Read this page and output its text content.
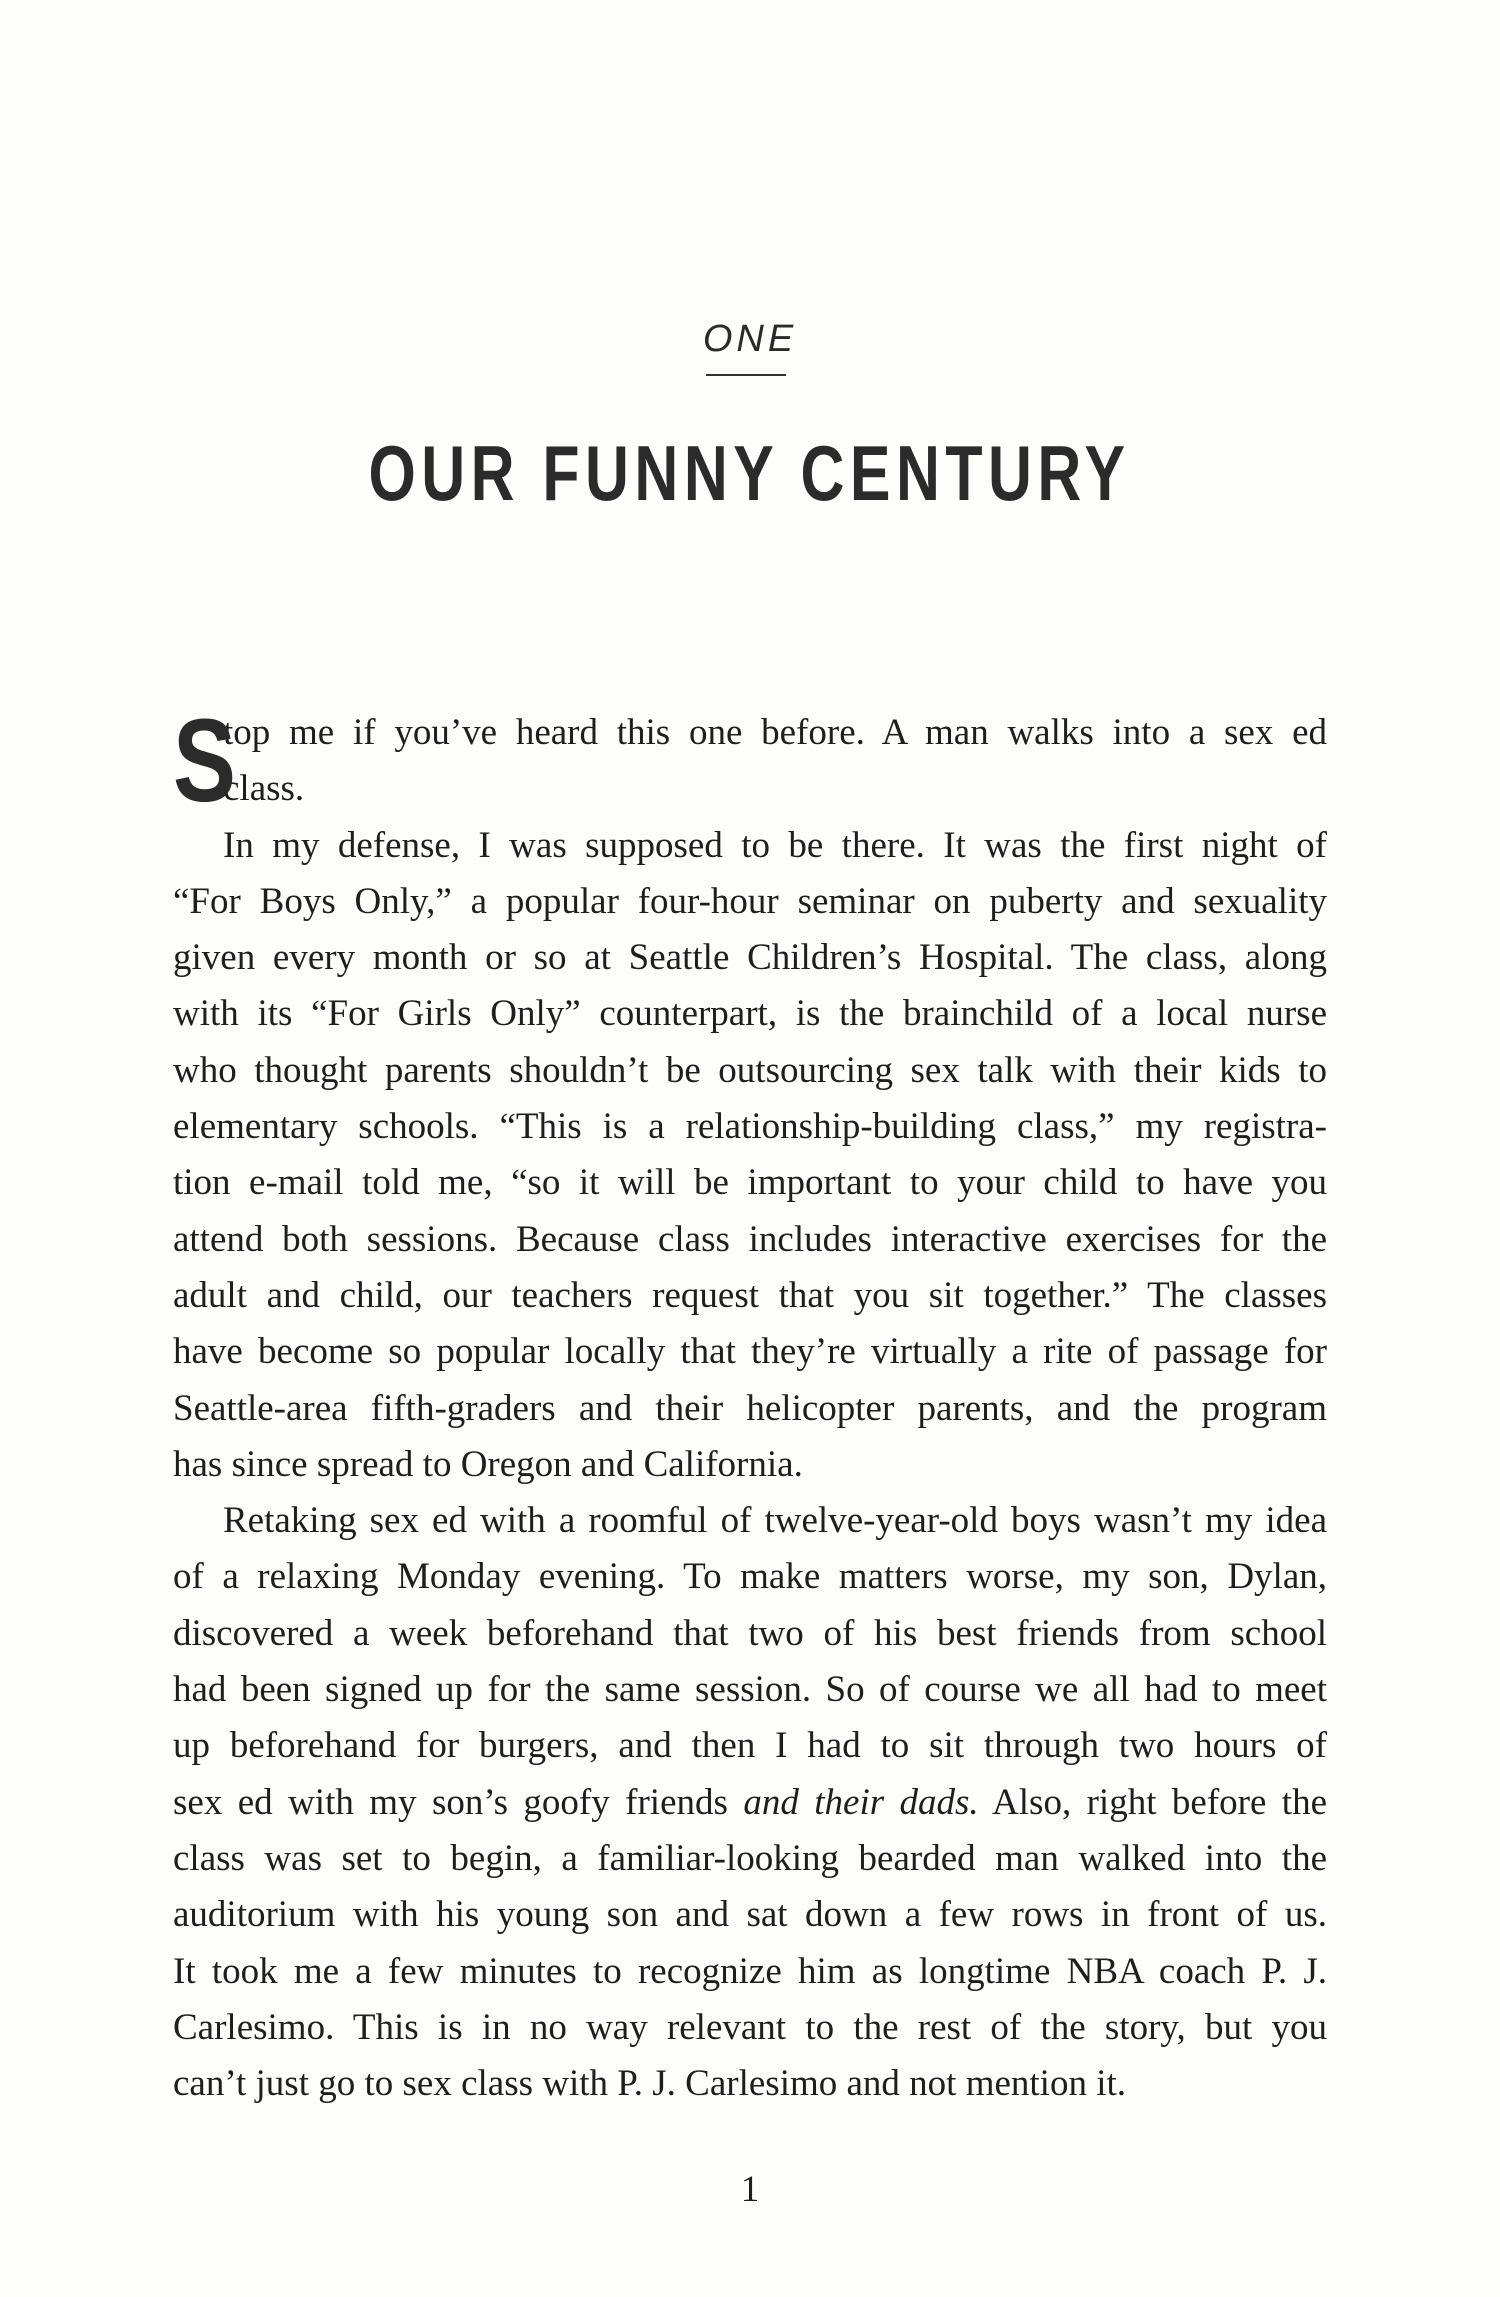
ONE
OUR FUNNY CENTURY
S
top me if you’ve heard this one before. A man walks into a sex ed
class.
In my defense, I was supposed to be there. It was the first night of
“For Boys Only,” a popular four-hour seminar on puberty and sexuality
given every month or so at Seattle Children’s Hospital. The class, along
with its “For Girls Only” counterpart, is the brainchild of a local nurse
who thought parents shouldn’t be outsourcing sex talk with their kids to
elementary schools. “This is a relationship-building class,” my registra-
tion e-mail told me, “so it will be important to your child to have you
attend both sessions. Because class includes interactive exercises for the
adult and child, our teachers request that you sit together.” The classes
have become so popular locally that they’re virtually a rite of passage for
Seattle-area fifth-graders and their helicopter parents, and the program
has since spread to Oregon and California.
Retaking sex ed with a roomful of twelve-year-old boys wasn’t my idea
of a relaxing Monday evening. To make matters worse, my son, Dylan,
discovered a week beforehand that two of his best friends from school
had been signed up for the same session. So of course we all had to meet
up beforehand for burgers, and then I had to sit through two hours of
sex ed with my son’s goofy friends and their dads. Also, right before the
class was set to begin, a familiar-looking bearded man walked into the
auditorium with his young son and sat down a few rows in front of us.
It took me a few minutes to recognize him as longtime NBA coach P. J.
Carlesimo. This is in no way relevant to the rest of the story, but you
can’t just go to sex class with P. J. Carlesimo and not mention it.
1
